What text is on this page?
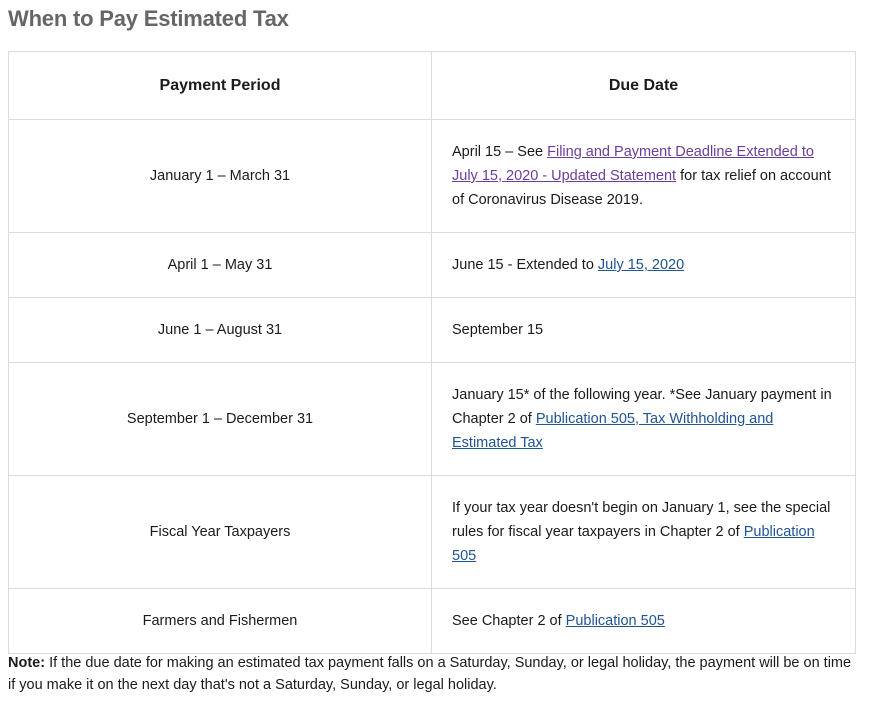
When to Pay Estimated Tax
Payment Period	Due Date
January 1 – March 31	April 15 – See Filing and Payment Deadline Extended to July 15, 2020 - Updated Statement for tax relief on account of Coronavirus Disease 2019.
April 1 – May 31	June 15 - Extended to July 15, 2020
June 1 – August 31	September 15
September 1 – December 31	January 15* of the following year. *See January payment in Chapter 2 of Publication 505, Tax Withholding and Estimated Tax
Fiscal Year Taxpayers	If your tax year doesn't begin on January 1, see the special rules for fiscal year taxpayers in Chapter 2 of Publication 505
Farmers and Fishermen	See Chapter 2 of Publication 505

Note: If the due date for making an estimated tax payment falls on a Saturday, Sunday, or legal holiday, the payment will be on time if you make it on the next day that's not a Saturday, Sunday, or legal holiday.
